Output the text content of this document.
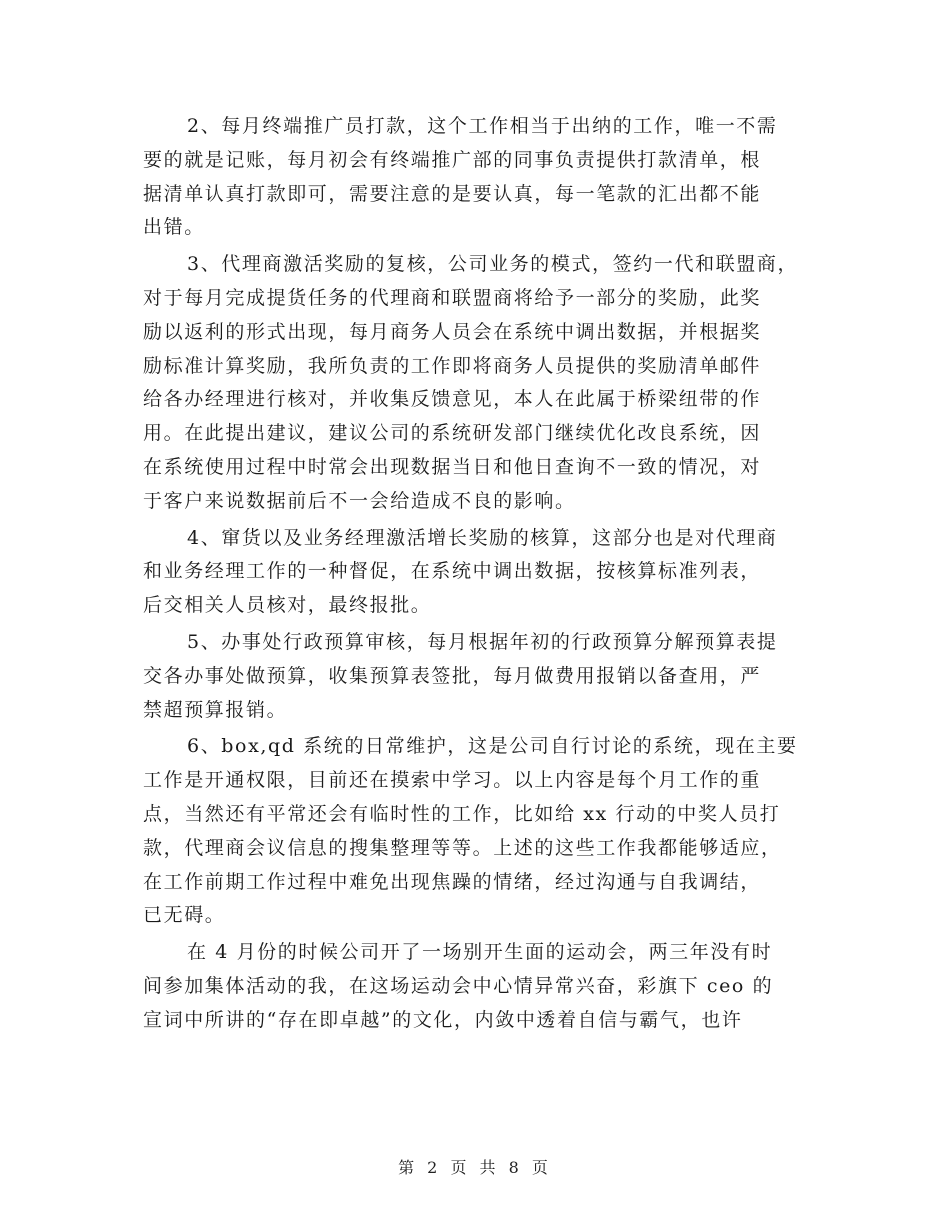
2、每月终端推广员打款，这个工作相当于出纳的工作，唯一不需
要的就是记账，每月初会有终端推广部的同事负责提供打款清单，根
据清单认真打款即可，需要注意的是要认真，每一笔款的汇出都不能
出错。
3、代理商激活奖励的复核，公司业务的模式，签约一代和联盟商，
对于每月完成提货任务的代理商和联盟商将给予一部分的奖励，此奖
励以返利的形式出现，每月商务人员会在系统中调出数据，并根据奖
励标准计算奖励，我所负责的工作即将商务人员提供的奖励清单邮件
给各办经理进行核对，并收集反馈意见，本人在此属于桥梁纽带的作
用。在此提出建议，建议公司的系统研发部门继续优化改良系统，因
在系统使用过程中时常会出现数据当日和他日查询不一致的情况，对
于客户来说数据前后不一会给造成不良的影响。
4、窜货以及业务经理激活增长奖励的核算，这部分也是对代理商
和业务经理工作的一种督促，在系统中调出数据，按核算标准列表，
后交相关人员核对，最终报批。
5、办事处行政预算审核，每月根据年初的行政预算分解预算表提
交各办事处做预算，收集预算表签批，每月做费用报销以备查用，严
禁超预算报销。
6、box,qd 系统的日常维护，这是公司自行讨论的系统，现在主要
工作是开通权限，目前还在摸索中学习。以上内容是每个月工作的重
点，当然还有平常还会有临时性的工作，比如给 xx 行动的中奖人员打
款，代理商会议信息的搜集整理等等。上述的这些工作我都能够适应，
在工作前期工作过程中难免出现焦躁的情绪，经过沟通与自我调结，
已无碍。
在 4 月份的时候公司开了一场别开生面的运动会，两三年没有时
间参加集体活动的我，在这场运动会中心情异常兴奋，彩旗下 ceo 的
宣词中所讲的“存在即卓越”的文化，内敛中透着自信与霸气，也许
第 2 页 共 8 页
